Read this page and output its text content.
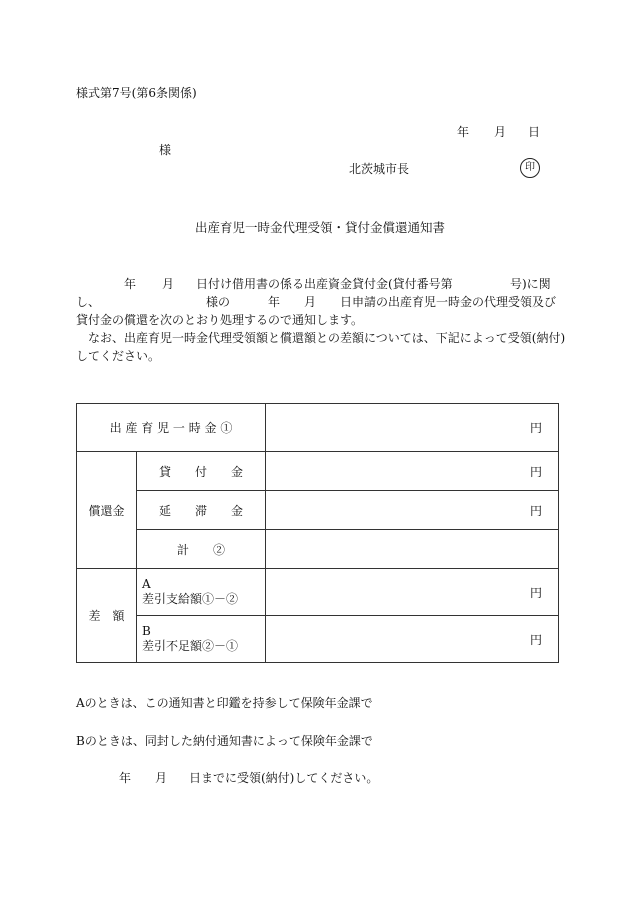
様式第7号(第6条関係)
年 月 日
様
北茨城市長	印
出産育児一時金代理受領・貸付金償還通知書
年 月 日付け借用書の係る出産資金貸付金(貸付番号第	号)に関
し、	様の	年 月 日申請の出産育児一時金の代理受領及び
貸付金の償還を次のとおり処理するので通知します。
なお、出産育児一時金代理受領額と償還額との差額については、下記によって受領(納付)
してください。
出 産 育 児 一 時 金 ①		円
償還金	貸　　付　　金	円
	延　　滞　　金	円
	計　　②	
差　額	A
差引支給額①－②	円

	B
差引不足額②－①	円
Aのときは、この通知書と印鑑を持参して保険年金課で
Bのときは、同封した納付通知書によって保険年金課で
年 月 日までに受領(納付)してください。
